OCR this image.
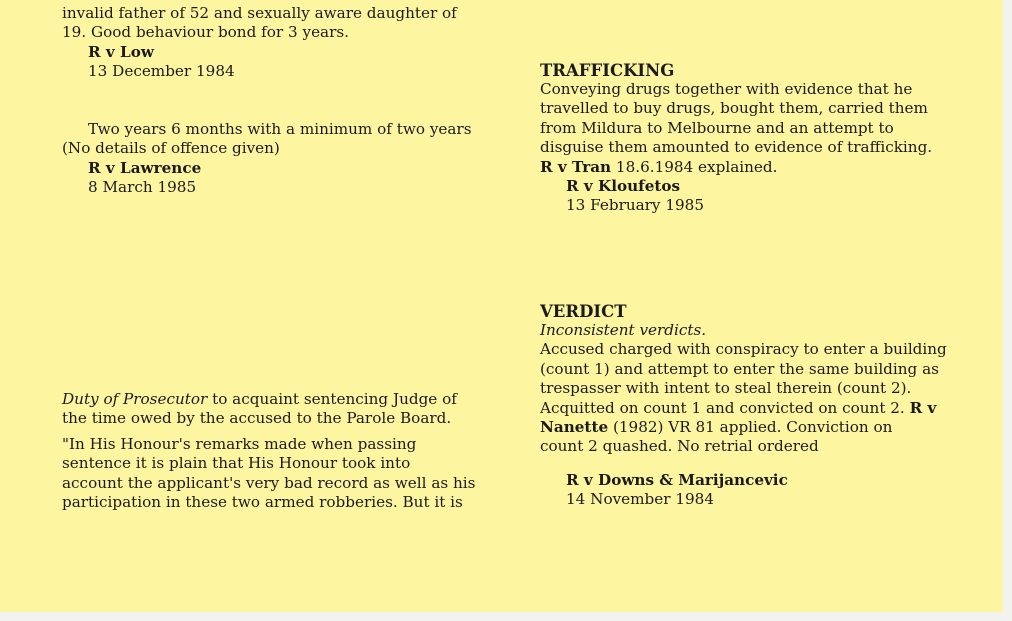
invalid father of 52 and sexually aware daughter of
19. Good behaviour bond for 3 years.
R v Low
13 December 1984
Two years 6 months with a minimum of two years
(No details of offence given)
R v Lawrence
8 March 1985
Duty of Prosecutor to acquaint sentencing Judge of
the time owed by the accused to the Parole Board.
"In His Honour's remarks made when passing
sentence it is plain that His Honour took into
account the applicant's very bad record as well as his
participation in these two armed robberies. But it is
TRAFFICKING
Conveying drugs together with evidence that he
travelled to buy drugs, bought them, carried them
from Mildura to Melbourne and an attempt to
disguise them amounted to evidence of trafficking.
R v Tran 18.6.1984 explained.
R v Kloufetos
13 February 1985
VERDICT
Inconsistent verdicts.
Accused charged with conspiracy to enter a building
(count 1) and attempt to enter the same building as
trespasser with intent to steal therein (count 2).
Acquitted on count 1 and convicted on count 2. R v
Nanette (1982) VR 81 applied. Conviction on
count 2 quashed. No retrial ordered
R v Downs & Marijancevic
14 November 1984
